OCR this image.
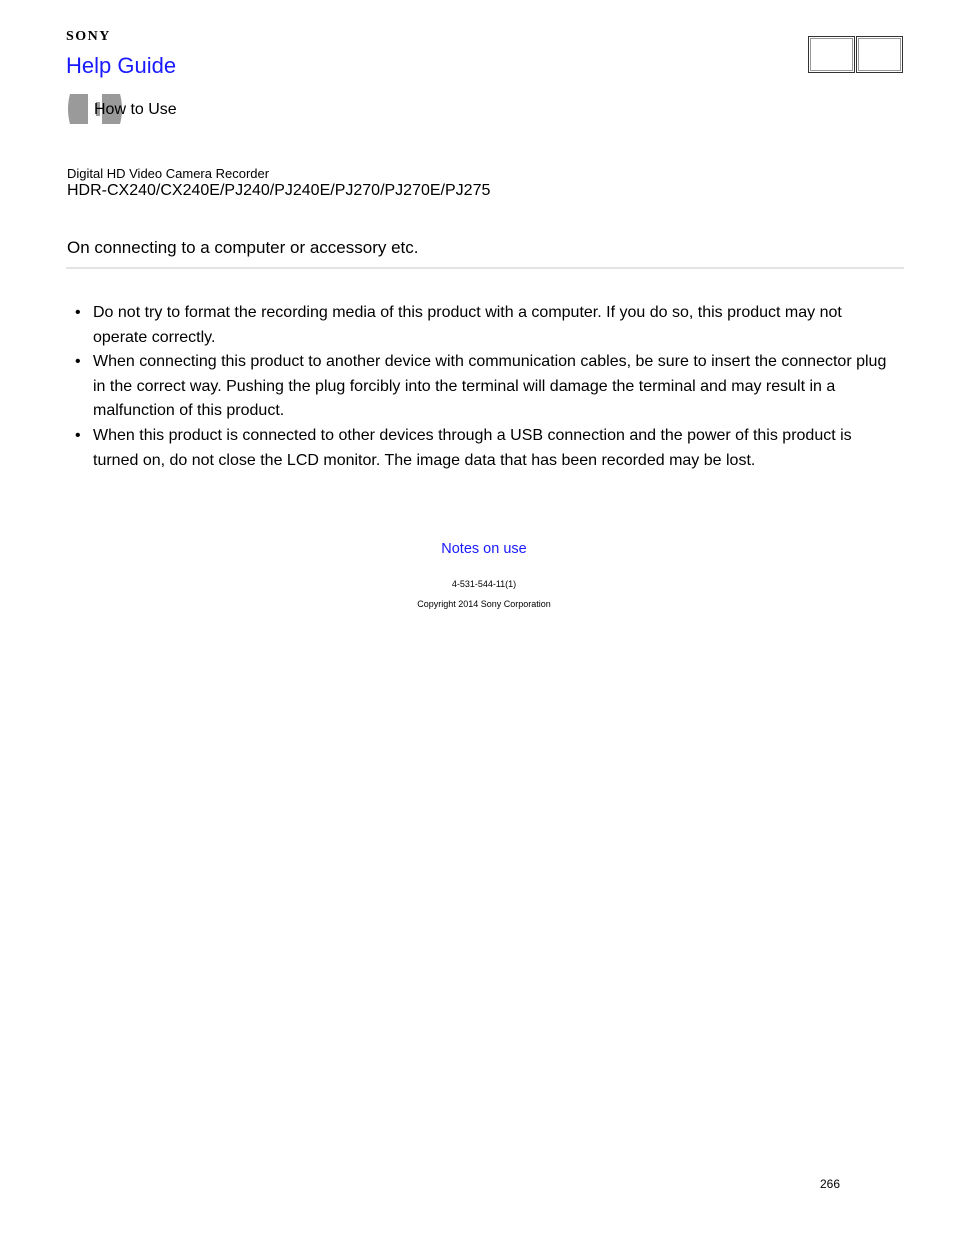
SONY
Help Guide
How to Use
Digital HD Video Camera Recorder
HDR-CX240/CX240E/PJ240/PJ240E/PJ270/PJ270E/PJ275
On connecting to a computer or accessory etc.
• Do not try to format the recording media of this product with a computer. If you do so, this product may not operate correctly.
• When connecting this product to another device with communication cables, be sure to insert the connector plug in the correct way. Pushing the plug forcibly into the terminal will damage the terminal and may result in a malfunction of this product.
• When this product is connected to other devices through a USB connection and the power of this product is turned on, do not close the LCD monitor. The image data that has been recorded may be lost.
Notes on use
4-531-544-11(1)
Copyright 2014 Sony Corporation
266
